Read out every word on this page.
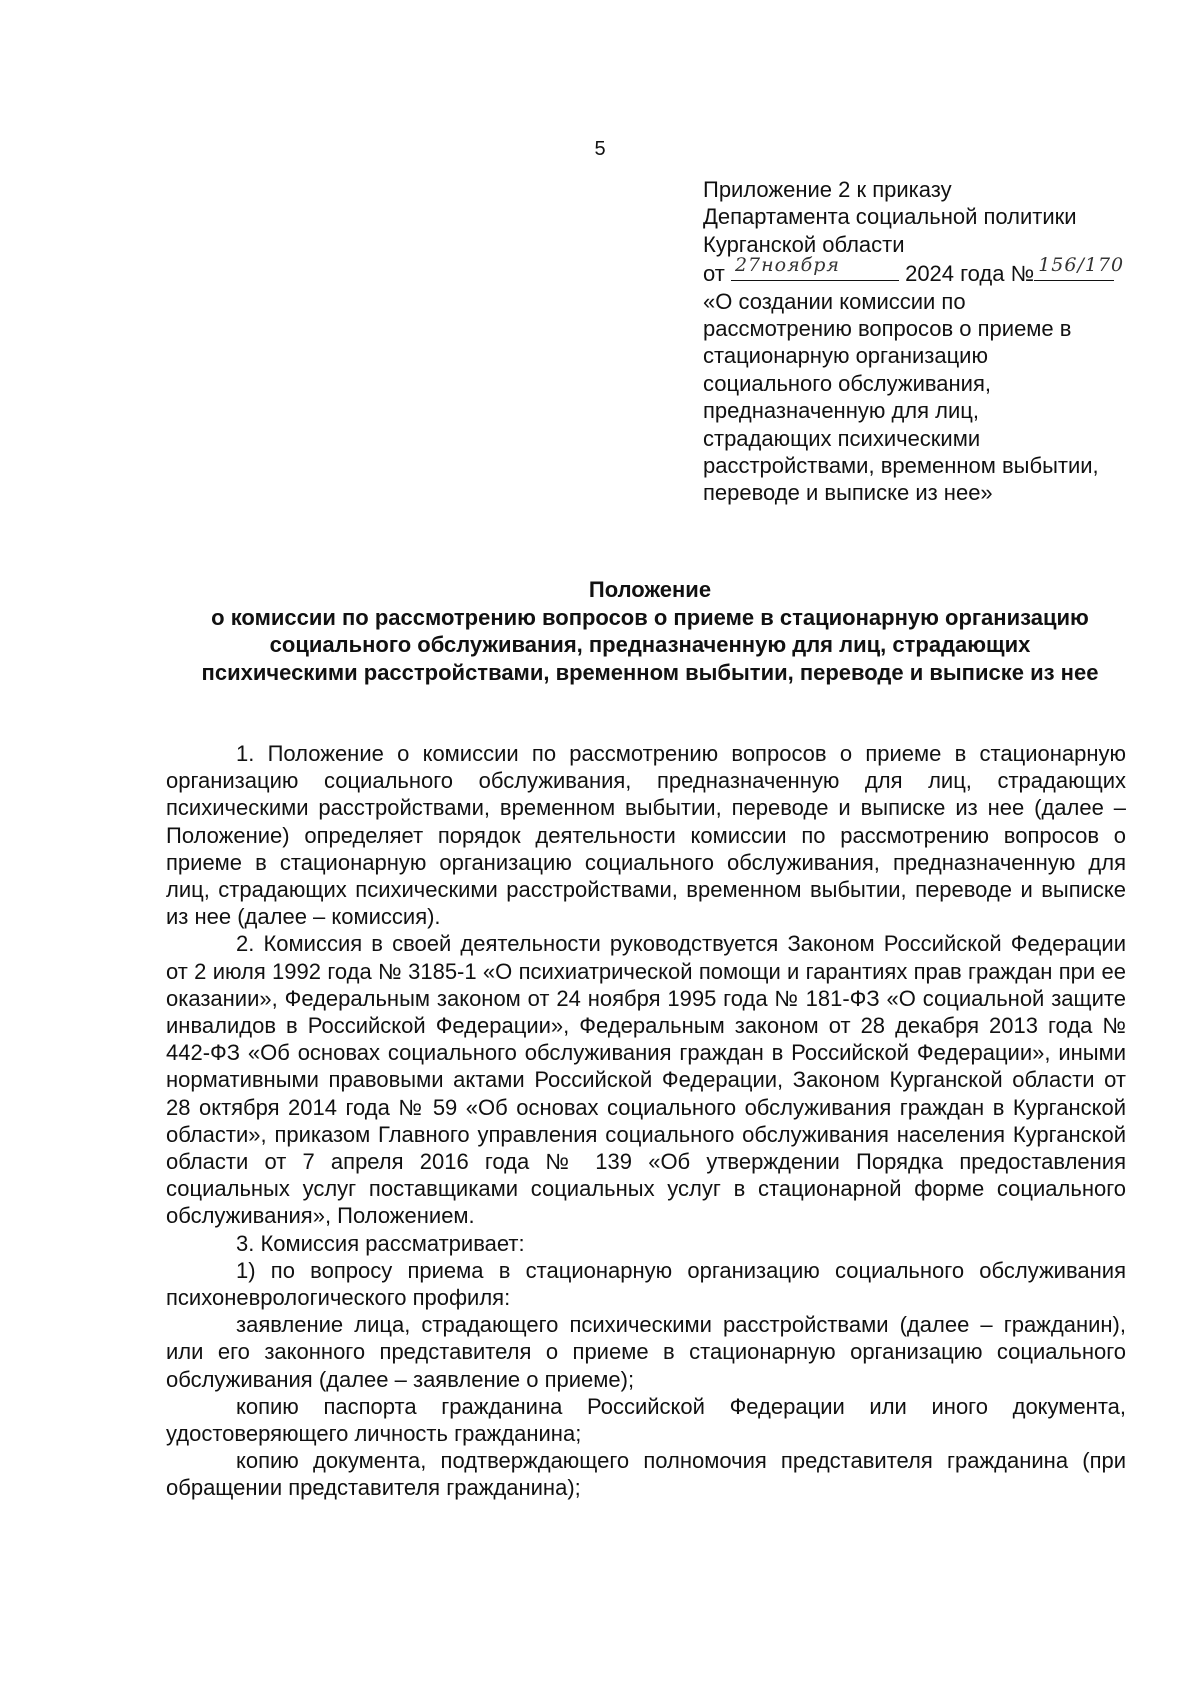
5
Приложение 2 к приказу
Департамента социальной политики
Курганской области
от 27ноября	2024 года № 156/170
«О создании комиссии по
рассмотрению вопросов о приеме в
стационарную организацию
социального обслуживания,
предназначенную для лиц,
страдающих психическими
расстройствами, временном выбытии,
переводе и выписке из нее»
Положение
о комиссии по рассмотрению вопросов о приеме в стационарную организацию
социального обслуживания, предназначенную для лиц, страдающих
психическими расстройствами, временном выбытии, переводе и выписке из нее

1. Положение о комиссии по рассмотрению вопросов о приеме в стационарную организацию социального обслуживания, предназначенную для лиц, страдающих психическими расстройствами, временном выбытии, переводе и выписке из нее (далее – Положение) определяет порядок деятельности комиссии по рассмотрению вопросов о приеме в стационарную организацию социального обслуживания, предназначенную для лиц, страдающих психическими расстройствами, временном выбытии, переводе и выписке из нее (далее – комиссия).

2. Комиссия в своей деятельности руководствуется Законом Российской Федерации от 2 июля 1992 года № 3185-1 «О психиатрической помощи и гарантиях прав граждан при ее оказании», Федеральным законом от 24 ноября 1995 года № 181-ФЗ «О социальной защите инвалидов в Российской Федерации», Федеральным законом от 28 декабря 2013 года № 442-ФЗ «Об основах социального обслуживания граждан в Российской Федерации», иными нормативными правовыми актами Российской Федерации, Законом Курганской области от 28 октября 2014 года № 59 «Об основах социального обслуживания граждан в Курганской области», приказом Главного управления социального обслуживания населения Курганской области от 7 апреля 2016 года № 139 «Об утверждении Порядка предоставления социальных услуг поставщиками социальных услуг в стационарной форме социального обслуживания», Положением.

3. Комиссия рассматривает:

1) по вопросу приема в стационарную организацию социального обслуживания психоневрологического профиля:

заявление лица, страдающего психическими расстройствами (далее – гражданин), или его законного представителя о приеме в стационарную организацию социального обслуживания (далее – заявление о приеме);

копию паспорта гражданина Российской Федерации или иного документа, удостоверяющего личность гражданина;

копию документа, подтверждающего полномочия представителя гражданина (при обращении представителя гражданина);
